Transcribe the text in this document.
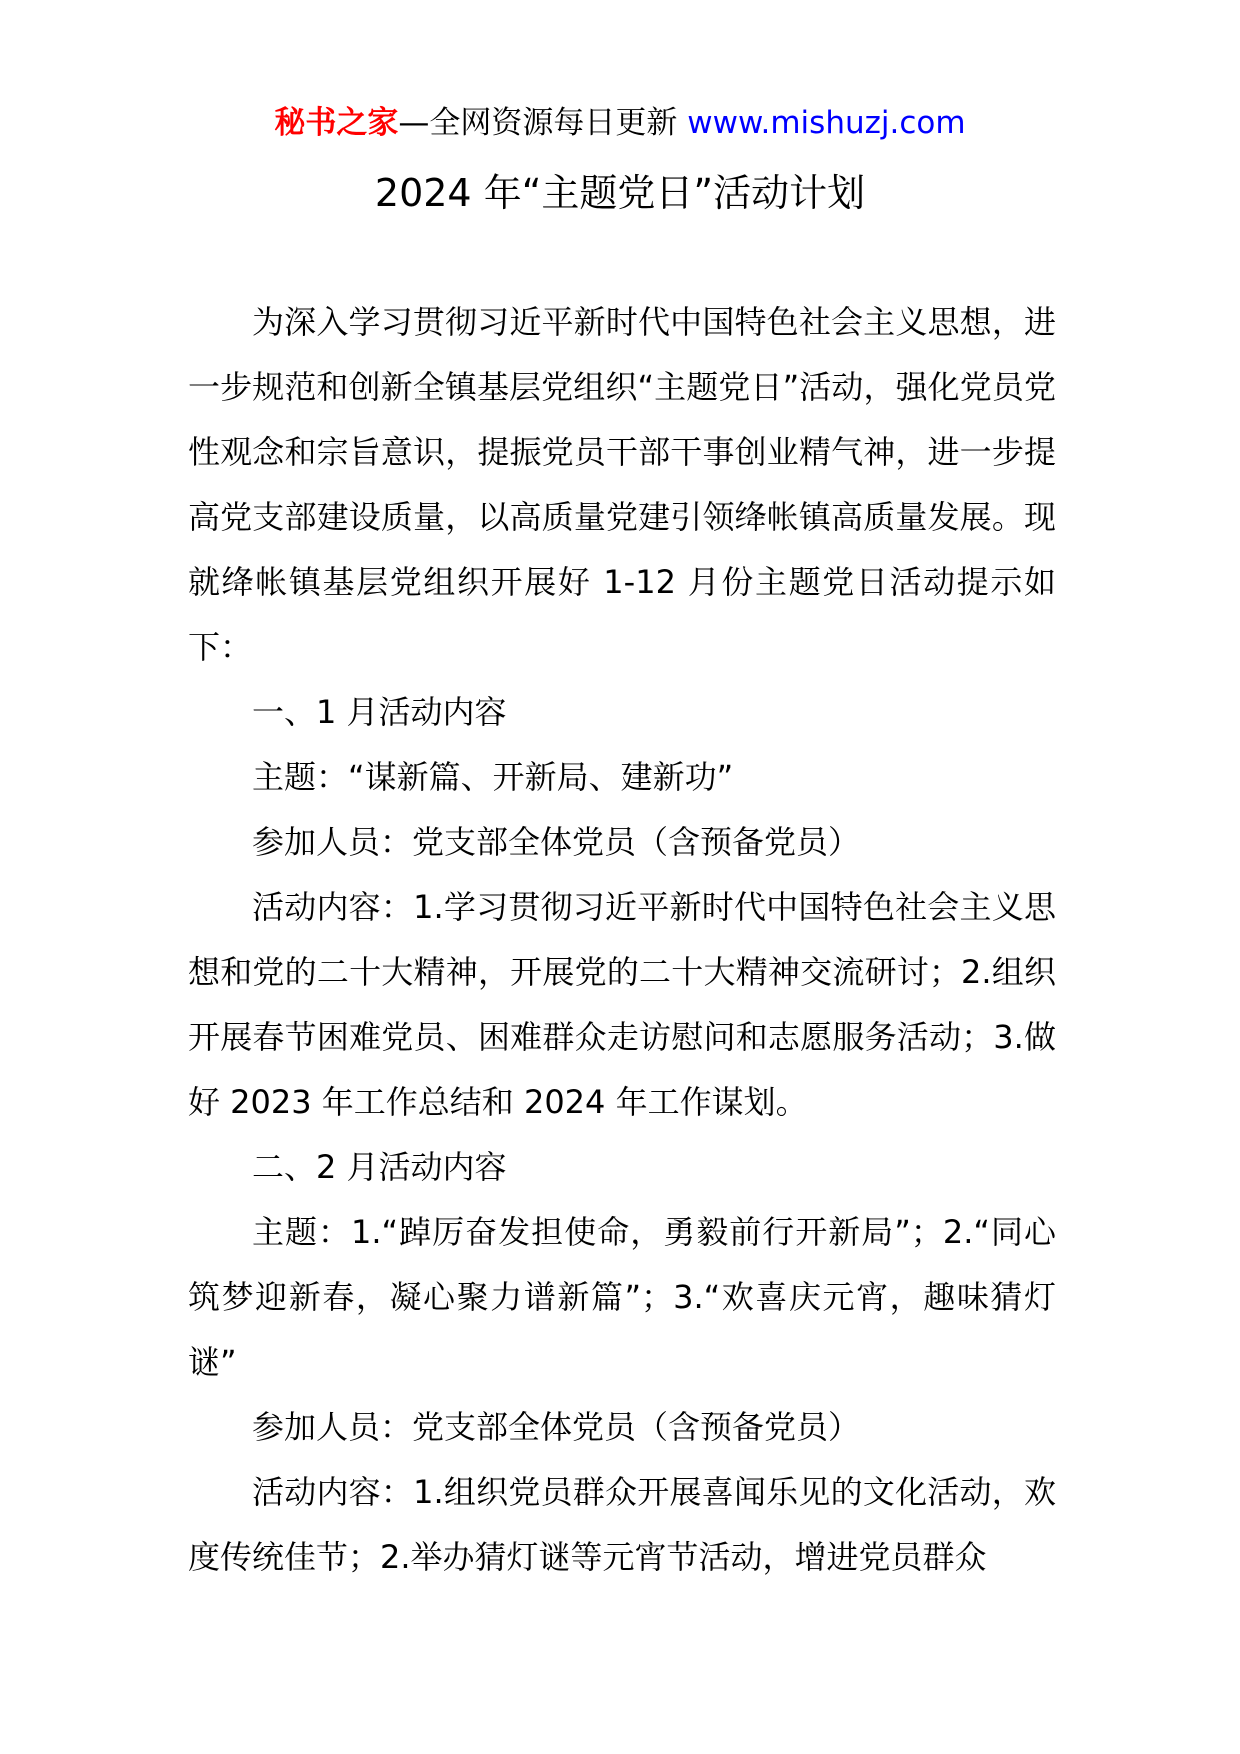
秘书之家—全网资源每日更新 www.mishuzj.com
2024 年“主题党日”活动计划

为深入学习贯彻习近平新时代中国特色社会主义思想，进一步规范和创新全镇基层党组织“主题党日”活动，强化党员党性观念和宗旨意识，提振党员干部干事创业精气神，进一步提高党支部建设质量，以高质量党建引领绛帐镇高质量发展。现就绛帐镇基层党组织开展好 1-12 月份主题党日活动提示如下：

一、1 月活动内容

主题：“谋新篇、开新局、建新功”

参加人员：党支部全体党员（含预备党员）

活动内容：1.学习贯彻习近平新时代中国特色社会主义思想和党的二十大精神，开展党的二十大精神交流研讨；2.组织开展春节困难党员、困难群众走访慰问和志愿服务活动；3.做好 2023 年工作总结和 2024 年工作谋划。

二、2 月活动内容

主题：1.“踔厉奋发担使命，勇毅前行开新局”；2.“同心筑梦迎新春，凝心聚力谱新篇”；3.“欢喜庆元宵，趣味猜灯谜”

参加人员：党支部全体党员（含预备党员）

活动内容：1.组织党员群众开展喜闻乐见的文化活动，欢度传统佳节；2.举办猜灯谜等元宵节活动，增进党员群众
